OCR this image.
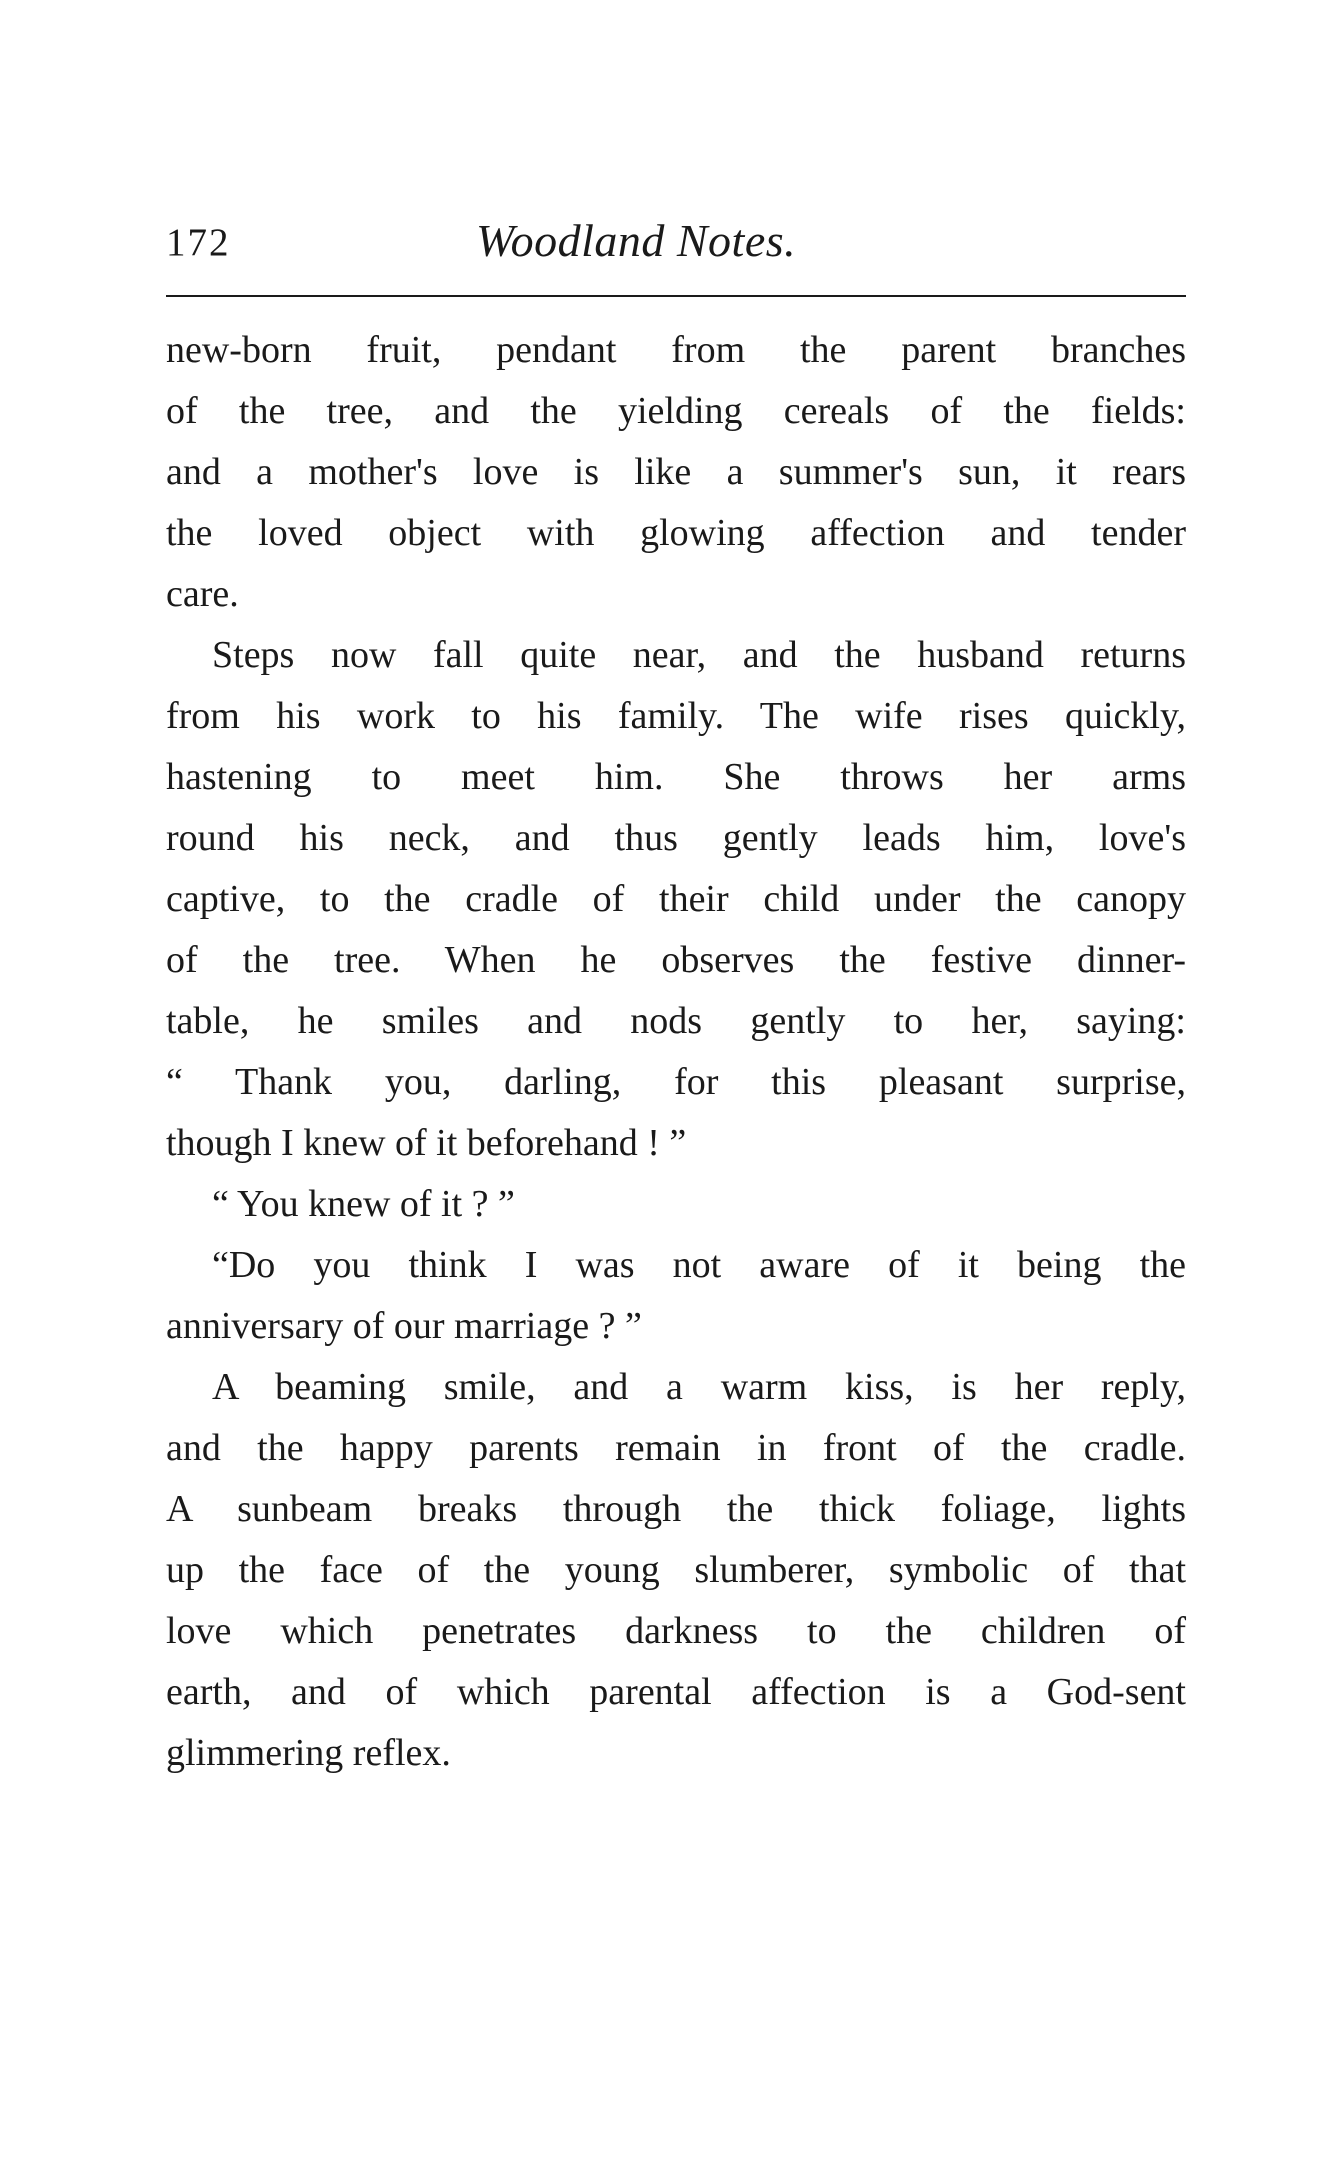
172	Woodland Notes.
new-born fruit, pendant from the parent branches
of the tree, and the yielding cereals of the fields:
and a mother's love is like a summer's sun, it rears
the loved object with glowing affection and tender
care.
Steps now fall quite near, and the husband returns
from his work to his family. The wife rises quickly,
hastening to meet him. She throws her arms
round his neck, and thus gently leads him, love's
captive, to the cradle of their child under the canopy
of the tree. When he observes the festive dinner-
table, he smiles and nods gently to her, saying:
“ Thank you, darling, for this pleasant surprise,
though I knew of it beforehand ! ”
“ You knew of it ? ”
“Do you think I was not aware of it being the
anniversary of our marriage ? ”
A beaming smile, and a warm kiss, is her reply,
and the happy parents remain in front of the cradle.
A sunbeam breaks through the thick foliage, lights
up the face of the young slumberer, symbolic of that
love which penetrates darkness to the children of
earth, and of which parental affection is a God-sent
glimmering reflex.
